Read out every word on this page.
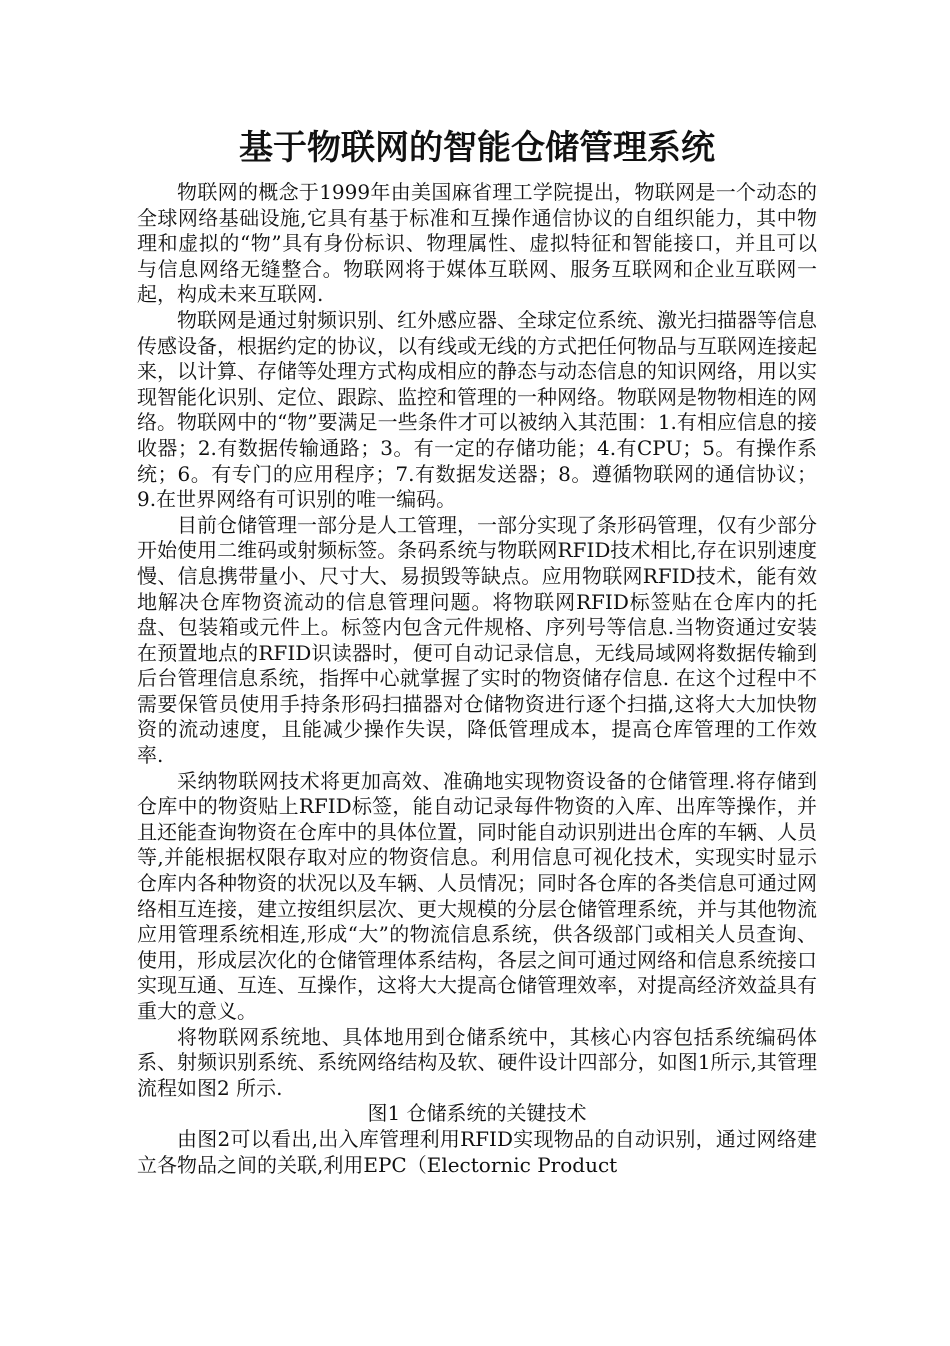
基于物联网的智能仓储管理系统

物联网的概念于1999年由美国麻省理工学院提出，物联网是一个动态的全球网络基础设施,它具有基于标准和互操作通信协议的自组织能力，其中物理和虚拟的“物”具有身份标识、物理属性、虚拟特征和智能接口，并且可以与信息网络无缝整合。物联网将于媒体互联网、服务互联网和企业互联网一起，构成未来互联网.

物联网是通过射频识别、红外感应器、全球定位系统、激光扫描器等信息传感设备，根据约定的协议，以有线或无线的方式把任何物品与互联网连接起来，以计算、存储等处理方式构成相应的静态与动态信息的知识网络，用以实现智能化识别、定位、跟踪、监控和管理的一种网络。物联网是物物相连的网络。物联网中的“物”要满足一些条件才可以被纳入其范围：1.有相应信息的接收器；2.有数据传输通路；3。有一定的存储功能；4.有CPU；5。有操作系统；6。有专门的应用程序；7.有数据发送器；8。遵循物联网的通信协议；9.在世界网络有可识别的唯一编码。

目前仓储管理一部分是人工管理，一部分实现了条形码管理，仅有少部分开始使用二维码或射频标签。条码系统与物联网RFID技术相比,存在识别速度慢、信息携带量小、尺寸大、易损毁等缺点。应用物联网RFID技术，能有效地解决仓库物资流动的信息管理问题。将物联网RFID标签贴在仓库内的托盘、包装箱或元件上。标签内包含元件规格、序列号等信息.当物资通过安装在预置地点的RFID识读器时，便可自动记录信息，无线局域网将数据传输到后台管理信息系统，指挥中心就掌握了实时的物资储存信息. 在这个过程中不需要保管员使用手持条形码扫描器对仓储物资进行逐个扫描,这将大大加快物资的流动速度，且能减少操作失误，降低管理成本，提高仓库管理的工作效率.

采纳物联网技术将更加高效、准确地实现物资设备的仓储管理.将存储到仓库中的物资贴上RFID标签，能自动记录每件物资的入库、出库等操作，并且还能查询物资在仓库中的具体位置，同时能自动识别进出仓库的车辆、人员等,并能根据权限存取对应的物资信息。利用信息可视化技术，实现实时显示仓库内各种物资的状况以及车辆、人员情况；同时各仓库的各类信息可通过网络相互连接，建立按组织层次、更大规模的分层仓储管理系统，并与其他物流应用管理系统相连,形成“大”的物流信息系统，供各级部门或相关人员查询、使用，形成层次化的仓储管理体系结构，各层之间可通过网络和信息系统接口实现互通、互连、互操作，这将大大提高仓储管理效率，对提高经济效益具有重大的意义。

将物联网系统地、具体地用到仓储系统中，其核心内容包括系统编码体系、射频识别系统、系统网络结构及软、硬件设计四部分，如图1所示,其管理流程如图2 所示.

图1 仓储系统的关键技术

由图2可以看出,出入库管理利用RFID实现物品的自动识别，通过网络建立各物品之间的关联,利用EPC（Electornic Product
